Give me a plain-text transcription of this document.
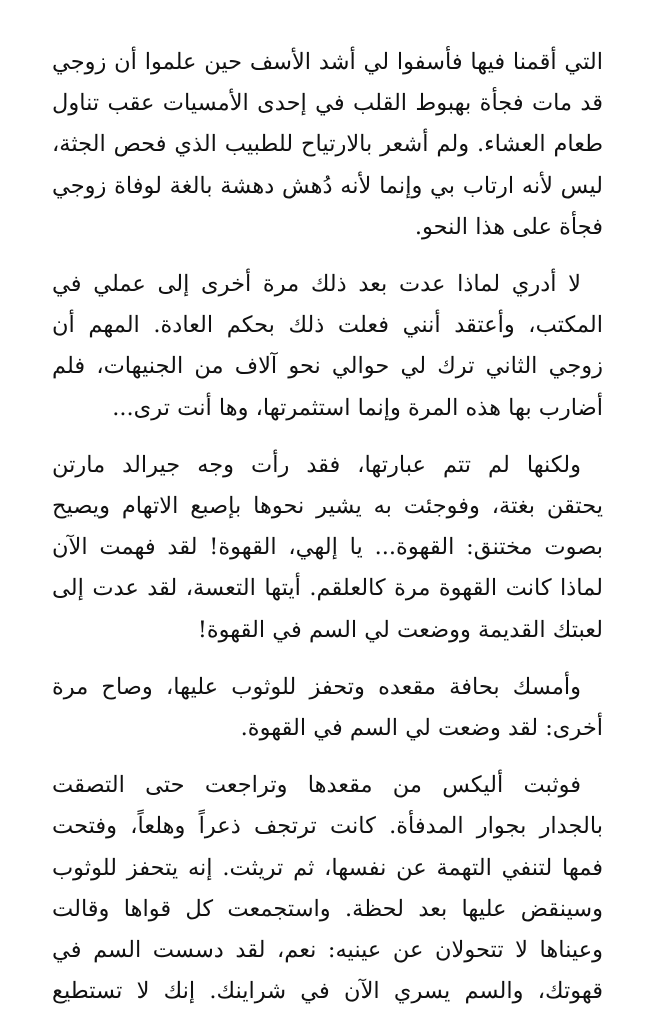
التي أقمنا فيها فأسفوا لي أشد الأسف حين علموا أن زوجي
قد مات فجأة بهبوط القلب في إحدى الأمسيات عقب تناول
طعام العشاء. ولم أشعر بالارتياح للطبيب الذي فحص الجثة،
ليس لأنه ارتاب بي وإنما لأنه دُهش دهشة بالغة لوفاة زوجي
فجأة على هذا النحو.

لا أدري لماذا عدت بعد ذلك مرة أخرى إلى عملي في
المكتب، وأعتقد أنني فعلت ذلك بحكم العادة. المهم أن
زوجي الثاني ترك لي حوالي نحو آلاف من الجنيهات، فلم
أضارب بها هذه المرة وإنما استثمرتها، وها أنت ترى...

ولكنها لم تتم عبارتها، فقد رأت وجه جيرالد مارتن
يحتقن بغتة، وفوجئت به يشير نحوها بإصبع الاتهام ويصيح
بصوت مختنق: القهوة... يا إلهي، القهوة! لقد فهمت الآن
لماذا كانت القهوة مرة كالعلقم. أيتها التعسة، لقد عدت إلى
لعبتك القديمة ووضعت لي السم في القهوة!

وأمسك بحافة مقعده وتحفز للوثوب عليها، وصاح مرة
أخرى: لقد وضعت لي السم في القهوة.

فوثبت أليكس من مقعدها وتراجعت حتى التصقت
بالجدار بجوار المدفأة. كانت ترتجف ذعراً وهلعاً، وفتحت
فمها لتنفي التهمة عن نفسها، ثم تريثت. إنه يتحفز للوثوب
وسينقض عليها بعد لحظة. واستجمعت كل قواها وقالت
وعيناها لا تتحولان عن عينيه: نعم، لقد دسست السم في
قهوتك، والسم يسري الآن في شراينك. إنك لا تستطيع
